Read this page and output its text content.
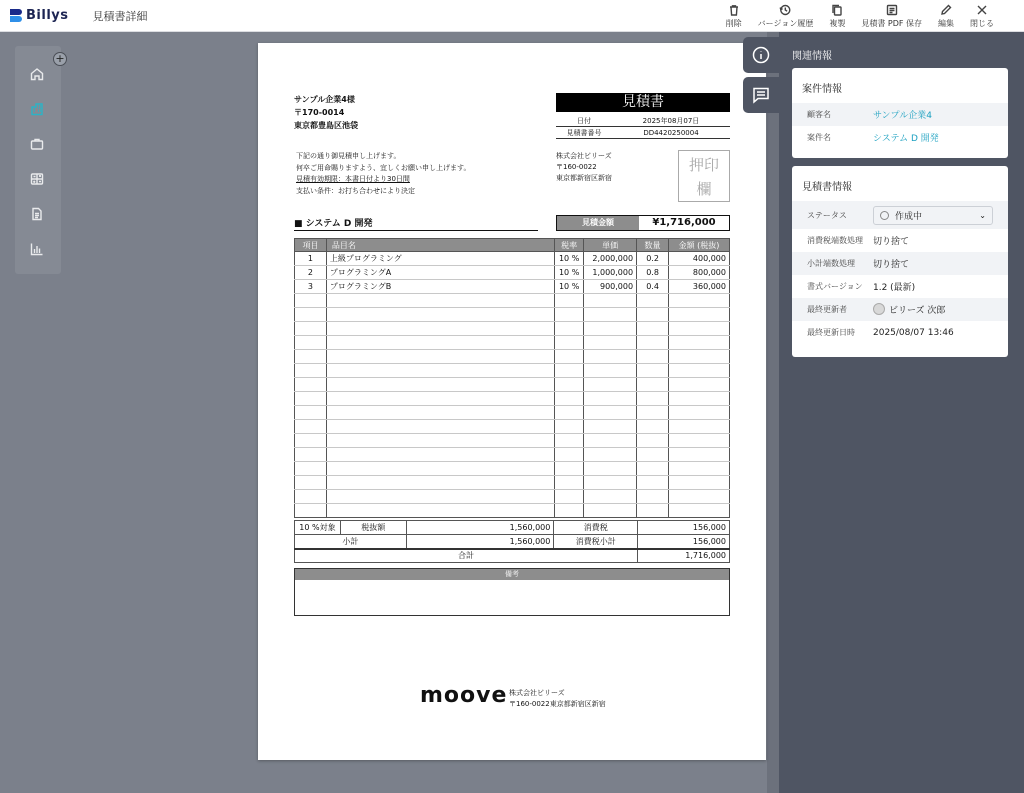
Billys 見積書詳細
削除 バージョン履歴 複製 見積書 PDF 保存 編集 閉じる
+
サンプル企業4様
〒170-0014
東京都豊島区池袋
見積書
日付	2025年08月07日
見積書番号	DD4420250004
下記の通り御見積申し上げます。
何卒ご用命賜りますよう、宜しくお願い申し上げます。
見積有効期限：本書日付より30日間
支払い条件：お打ち合わせにより決定
株式会社ビリーズ
〒160-0022
東京都新宿区新宿
押印欄
■ システム D 開発	見積金額	¥1,716,000
項目	品目名	税率	単価	数量	金額 (税抜)
1	上級プログラミング	10 %	2,000,000	0.2	400,000
2	プログラミングA	10 %	1,000,000	0.8	800,000
3	プログラミングB	10 %	900,000	0.4	360,000

10 %対象	税抜額	1,560,000	消費税	156,000
小計		1,560,000	消費税小計	156,000
合計				1,716,000
備考
moove 株式会社ビリーズ
〒160-0022東京都新宿区新宿
関連情報
案件情報
顧客名	サンプル企業4
案件名	システム D 開発
見積書情報
ステータス	作成中	⌄
消費税端数処理	切り捨て
小計端数処理	切り捨て
書式バージョン	1.2 (最新)
最終更新者	ビリーズ 次郎
最終更新日時	2025/08/07 13:46
